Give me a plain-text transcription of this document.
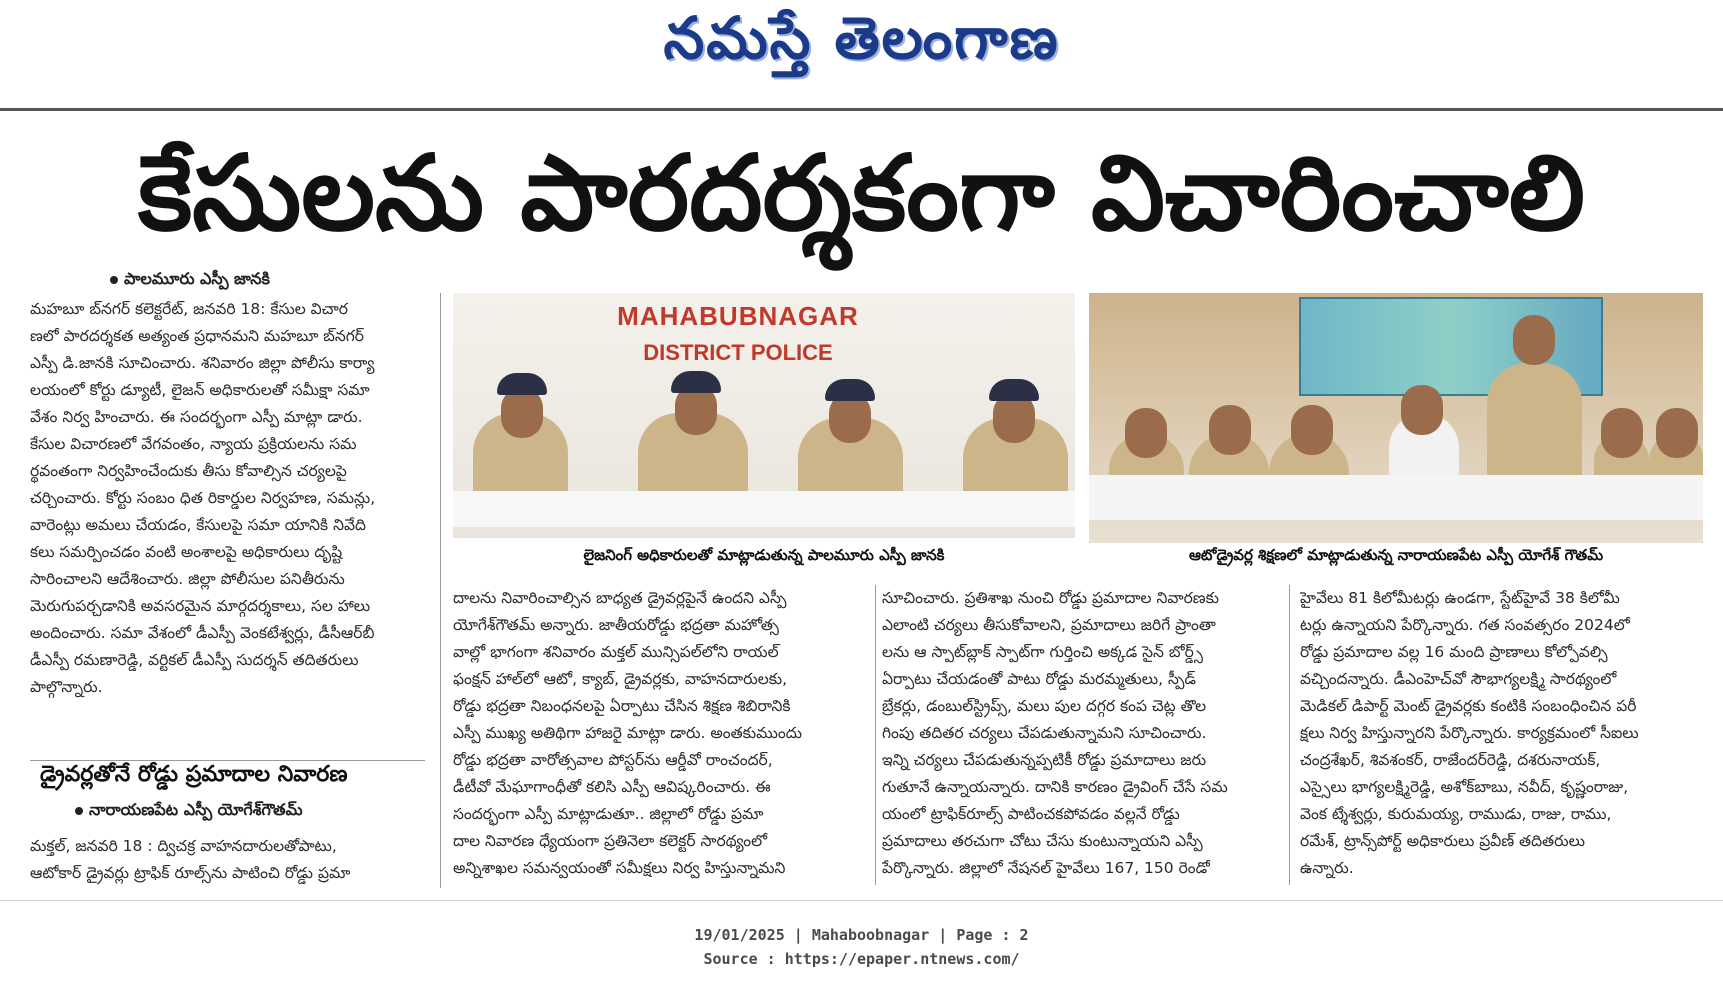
నమస్తే తెలంగాణ
కేసులను పారదర్శకంగా విచారించాలి
పాలమూరు ఎస్పీ జానకి
మహబూ బ్‌నగర్ కలెక్టరేట్, జనవరి 18: కేసుల విచార
ణలో పారదర్శకత అత్యంత ప్రధానమని మహబూ బ్‌నగర్
ఎస్పీ డి.జానకి సూచించారు. శనివారం జిల్లా పోలీసు కార్యా
లయంలో కోర్టు డ్యూటీ, లైజన్ అధికారులతో సమీక్షా సమా
వేశం నిర్వ హించారు. ఈ సందర్భంగా ఎస్పీ మాట్లా డారు.
కేసుల విచారణలో వేగవంతం, న్యాయ ప్రక్రియలను సమ
ర్థవంతంగా నిర్వహించేందుకు తీసు కోవాల్సిన చర్యలపై
చర్చించారు. కోర్టు సంబం ధిత రికార్డుల నిర్వహణ, సమన్లు,
వారెంట్లు అమలు చేయడం, కేసులపై సమా యానికి నివేది
కలు సమర్పించడం వంటి అంశాలపై అధికారులు దృష్టి
సారించాలని ఆదేశించారు. జిల్లా పోలీసుల పనితీరును
మెరుగుపర్చడానికి అవసరమైన మార్గదర్శకాలు, సల హాలు
అందించారు. సమా వేశంలో డీఎస్పీ వెంకటేశ్వర్లు, డీసీఆర్‌బీ
డీఎస్పీ రమణారెడ్డి, వర్టికల్ డీఎస్పీ సుదర్శన్ తదితరులు
పాల్గొన్నారు.
డ్రైవర్లతోనే రోడ్డు ప్రమాదాల నివారణ
నారాయణపేట ఎస్పీ యోగేశ్‌గౌతమ్
మక్తల్, జనవరి 18 : ద్విచక్ర వాహనదారులతోపాటు,
ఆటోకార్ డ్రైవర్లు ట్రాఫిక్ రూల్స్‌ను పాటించి రోడ్డు ప్రమా
MAHABUBNAGAR
DISTRICT POLICE
లైజనింగ్ అధికారులతో మాట్లాడుతున్న పాలమూరు ఎస్పీ జానకి	ఆటోడ్రైవర్ల శిక్షణలో మాట్లాడుతున్న నారాయణపేట ఎస్పీ యోగేశ్ గౌతమ్
దాలను నివారించాల్సిన బాధ్యత డ్రైవర్లపైనే ఉందని ఎస్పీ
యోగేశ్‌గౌతమ్ అన్నారు. జాతీయరోడ్డు భద్రతా మహోత్స
వాల్లో భాగంగా శనివారం మక్తల్ మున్సిపల్‌లోని రాయల్
ఫంక్షన్ హాల్‌లో ఆటో, క్యాబ్, డ్రైవర్లకు, వాహనదారులకు,
రోడ్డు భద్రతా నిబంధనలపై ఏర్పాటు చేసిన శిక్షణ శిబిరానికి
ఎస్పీ ముఖ్య అతిథిగా హాజరై మాట్లా డారు. అంతకుముందు
రోడ్డు భద్రతా వారోత్సవాల పోస్టర్‌ను ఆర్డీవో రాంచందర్,
డీటీవో మేఘాగాంధీతో కలిసి ఎస్పీ ఆవిష్కరించారు. ఈ
సందర్భంగా ఎస్పీ మాట్లాడుతూ.. జిల్లాలో రోడ్డు ప్రమా
దాల నివారణ ధ్యేయంగా ప్రతినెలా కలెక్టర్ సారథ్యంలో
అన్నిశాఖల సమన్వయంతో సమీక్షలు నిర్వ హిస్తున్నామని
సూచించారు. ప్రతిశాఖ నుంచి రోడ్డు ప్రమాదాల నివారణకు
ఎలాంటి చర్యలు తీసుకోవాలని, ప్రమాదాలు జరిగే ప్రాంతా
లను ఆ స్పాట్‌బ్లాక్ స్పాట్‌గా గుర్తించి అక్కడ సైన్ బోర్డ్స్
ఏర్పాటు చేయడంతో పాటు రోడ్డు మరమ్మతులు, స్పీడ్
బ్రేకర్లు, డంబుల్‌స్ట్రిప్స్, మలు పుల దగ్గర కంప చెట్ల తొల
గింపు తదితర చర్యలు చేపడుతున్నామని సూచించారు.
ఇన్ని చర్యలు చేపడుతున్నప్పటికీ రోడ్డు ప్రమాదాలు జరు
గుతూనే ఉన్నాయన్నారు. దానికి కారణం డ్రైవింగ్ చేసే సమ
యంలో ట్రాఫిక్‌రూల్స్ పాటించకపోవడం వల్లనే రోడ్డు
ప్రమాదాలు తరచుగా చోటు చేసు కుంటున్నాయని ఎస్పీ
పేర్కొన్నారు. జిల్లాలో నేషనల్ హైవేలు 167, 150 రెండో
హైవేలు 81 కిలోమీటర్లు ఉండగా, స్టేట్‌హైవే 38 కిలోమీ
టర్లు ఉన్నాయని పేర్కొన్నారు. గత సంవత్సరం 2024లో
రోడ్డు ప్రమాదాల వల్ల 16 మంది ప్రాణాలు కోల్పోవల్సి
వచ్చిందన్నారు. డీఎంహెచ్‌వో సౌభాగ్యలక్ష్మి సారథ్యంలో
మెడికల్ డిపార్ట్ మెంట్ డ్రైవర్లకు కంటికి సంబంధించిన పరీ
క్షలు నిర్వ హిస్తున్నారని పేర్కొన్నారు. కార్యక్రమంలో సీఐలు
చంద్రశేఖర్, శివశంకర్, రాజేందర్‌రెడ్డి, దశరునాయక్,
ఎస్సైలు భాగ్యలక్ష్మిరెడ్డి, అశోక్‌బాబు, నవీద్, కృష్ణంరాజు,
వెంక ట్శేశ్వర్లు, కురుమయ్య, రాముడు, రాజు, రాము,
రమేశ్, ట్రాన్స్‌పోర్ట్ అధికారులు ప్రవీణ్ తదితరులు
ఉన్నారు.
19/01/2025 | Mahaboobnagar | Page : 2
Source : https://epaper.ntnews.com/
